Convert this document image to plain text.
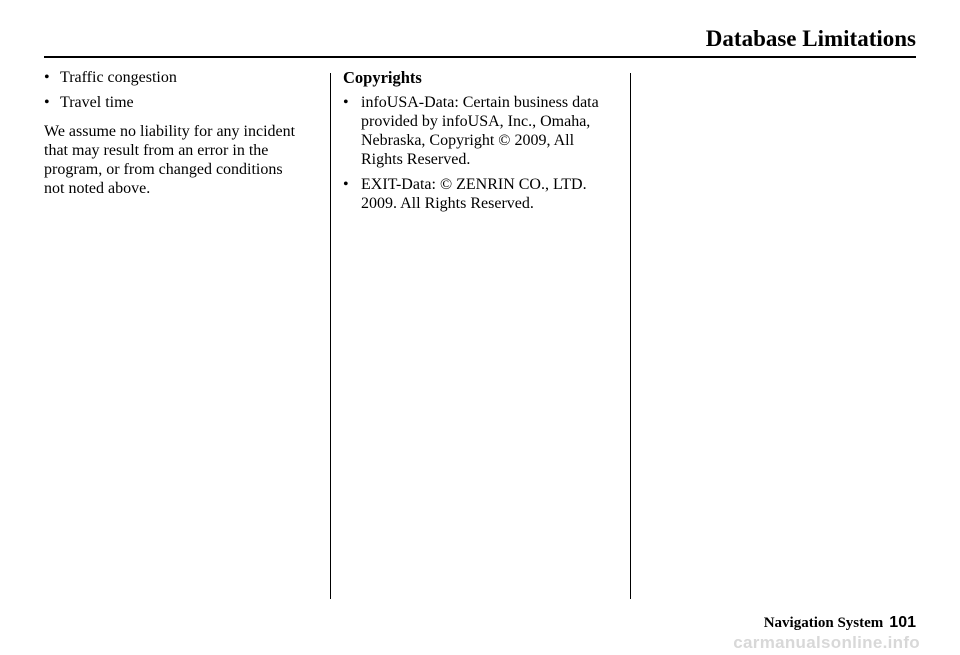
Database Limitations
• Traffic congestion
• Travel time
We assume no liability for any incident
that may result from an error in the
program, or from changed conditions
not noted above.
Copyrights
• infoUSA-Data: Certain business data
provided by infoUSA, Inc., Omaha,
Nebraska, Copyright © 2009, All
Rights Reserved.
• EXIT-Data: © ZENRIN CO., LTD.
2009. All Rights Reserved.
Navigation System 101
carmanualsonline.info
